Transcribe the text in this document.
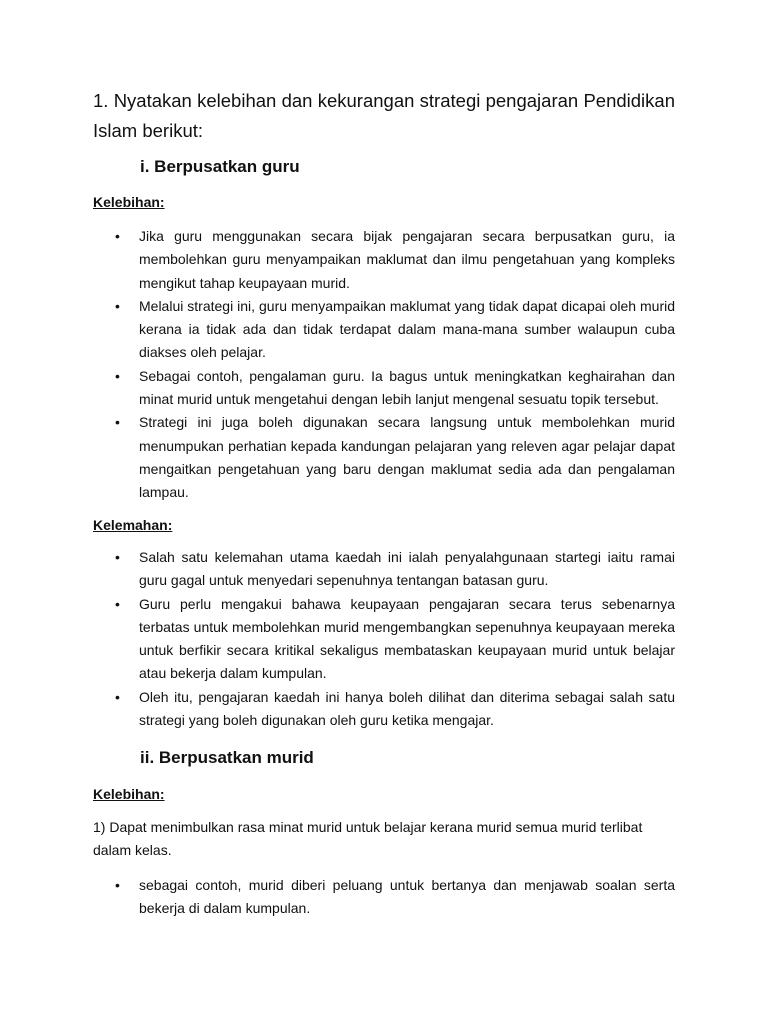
1. Nyatakan kelebihan dan kekurangan strategi pengajaran Pendidikan Islam berikut:

i. Berpusatkan guru

Kelebihan:

• Jika guru menggunakan secara bijak pengajaran secara berpusatkan guru, ia membolehkan guru menyampaikan maklumat dan ilmu pengetahuan yang kompleks mengikut tahap keupayaan murid.
• Melalui strategi ini, guru menyampaikan maklumat yang tidak dapat dicapai oleh murid kerana ia tidak ada dan tidak terdapat dalam mana-mana sumber walaupun cuba diakses oleh pelajar.
• Sebagai contoh, pengalaman guru. Ia bagus untuk meningkatkan keghairahan dan minat murid untuk mengetahui dengan lebih lanjut mengenal sesuatu topik tersebut.
• Strategi ini juga boleh digunakan secara langsung untuk membolehkan murid menumpukan perhatian kepada kandungan pelajaran yang releven agar pelajar dapat mengaitkan pengetahuan yang baru dengan maklumat sedia ada dan pengalaman lampau.

Kelemahan:

• Salah satu kelemahan utama kaedah ini ialah penyalahgunaan startegi iaitu ramai guru gagal untuk menyedari sepenuhnya tentangan batasan guru.
• Guru perlu mengakui bahawa keupayaan pengajaran secara terus sebenarnya terbatas untuk membolehkan murid mengembangkan sepenuhnya keupayaan mereka untuk berfikir secara kritikal sekaligus membataskan keupayaan murid untuk belajar atau bekerja dalam kumpulan.
• Oleh itu, pengajaran kaedah ini hanya boleh dilihat dan diterima sebagai salah satu strategi yang boleh digunakan oleh guru ketika mengajar.
ii. Berpusatkan murid

Kelebihan:

1) Dapat menimbulkan rasa minat murid untuk belajar kerana murid semua murid terlibat dalam kelas.

• sebagai contoh, murid diberi peluang untuk bertanya dan menjawab soalan serta bekerja di dalam kumpulan.
